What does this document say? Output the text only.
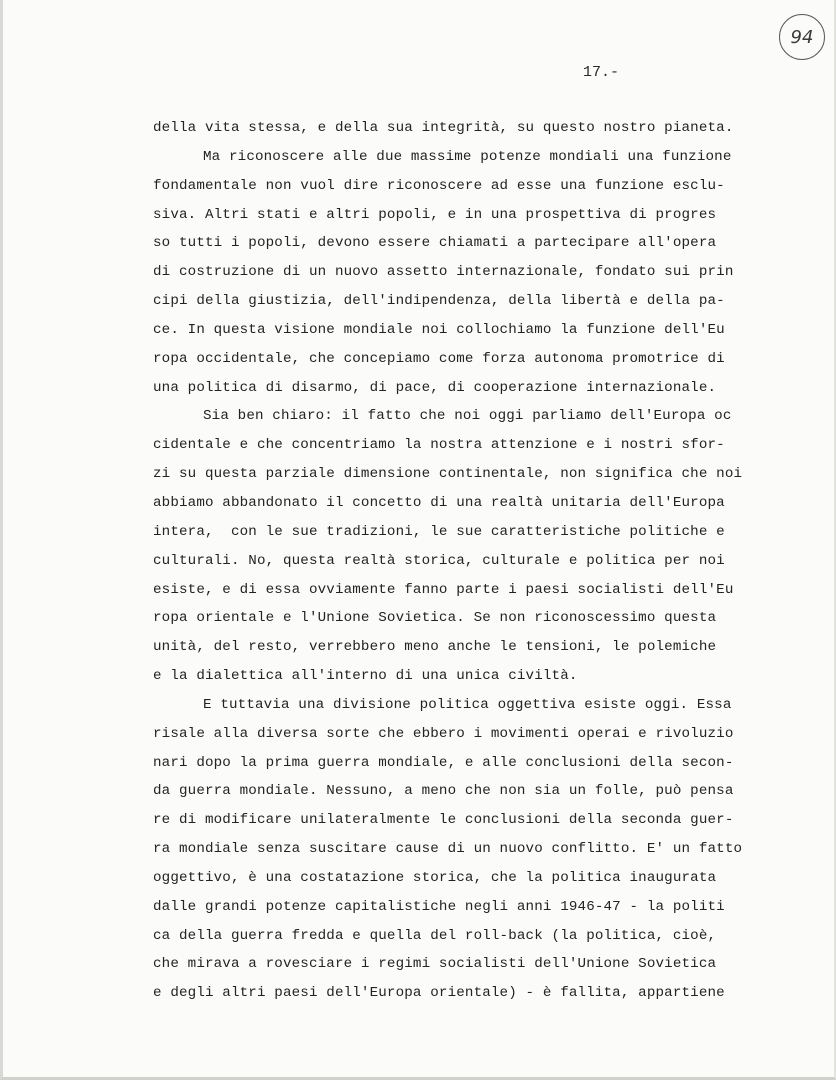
94
17.-
della vita stessa, e della sua integrità, su questo nostro pianeta.
Ma riconoscere alle due massime potenze mondiali una funzione
fondamentale non vuol dire riconoscere ad esse una funzione esclu-
siva. Altri stati e altri popoli, e in una prospettiva di progres
so tutti i popoli, devono essere chiamati a partecipare all'opera
di costruzione di un nuovo assetto internazionale, fondato sui prin
cipi della giustizia, dell'indipendenza, della libertà e della pa-
ce. In questa visione mondiale noi collochiamo la funzione dell'Eu
ropa occidentale, che concepiamo come forza autonoma promotrice di
una politica di disarmo, di pace, di cooperazione internazionale.
Sia ben chiaro: il fatto che noi oggi parliamo dell'Europa oc
cidentale e che concentriamo la nostra attenzione e i nostri sfor-
zi su questa parziale dimensione continentale, non significa che noi
abbiamo abbandonato il concetto di una realtà unitaria dell'Europa
intera,  con le sue tradizioni, le sue caratteristiche politiche e
culturali. No, questa realtà storica, culturale e politica per noi
esiste, e di essa ovviamente fanno parte i paesi socialisti dell'Eu
ropa orientale e l'Unione Sovietica. Se non riconoscessimo questa
unità, del resto, verrebbero meno anche le tensioni, le polemiche
e la dialettica all'interno di una unica civiltà.
E tuttavia una divisione politica oggettiva esiste oggi. Essa
risale alla diversa sorte che ebbero i movimenti operai e rivoluzio
nari dopo la prima guerra mondiale, e alle conclusioni della secon-
da guerra mondiale. Nessuno, a meno che non sia un folle, può pensa
re di modificare unilateralmente le conclusioni della seconda guer-
ra mondiale senza suscitare cause di un nuovo conflitto. E' un fatto
oggettivo, è una costatazione storica, che la politica inaugurata
dalle grandi potenze capitalistiche negli anni 1946-47 - la politi
ca della guerra fredda e quella del roll-back (la politica, cioè,
che mirava a rovesciare i regimi socialisti dell'Unione Sovietica
e degli altri paesi dell'Europa orientale) - è fallita, appartiene
